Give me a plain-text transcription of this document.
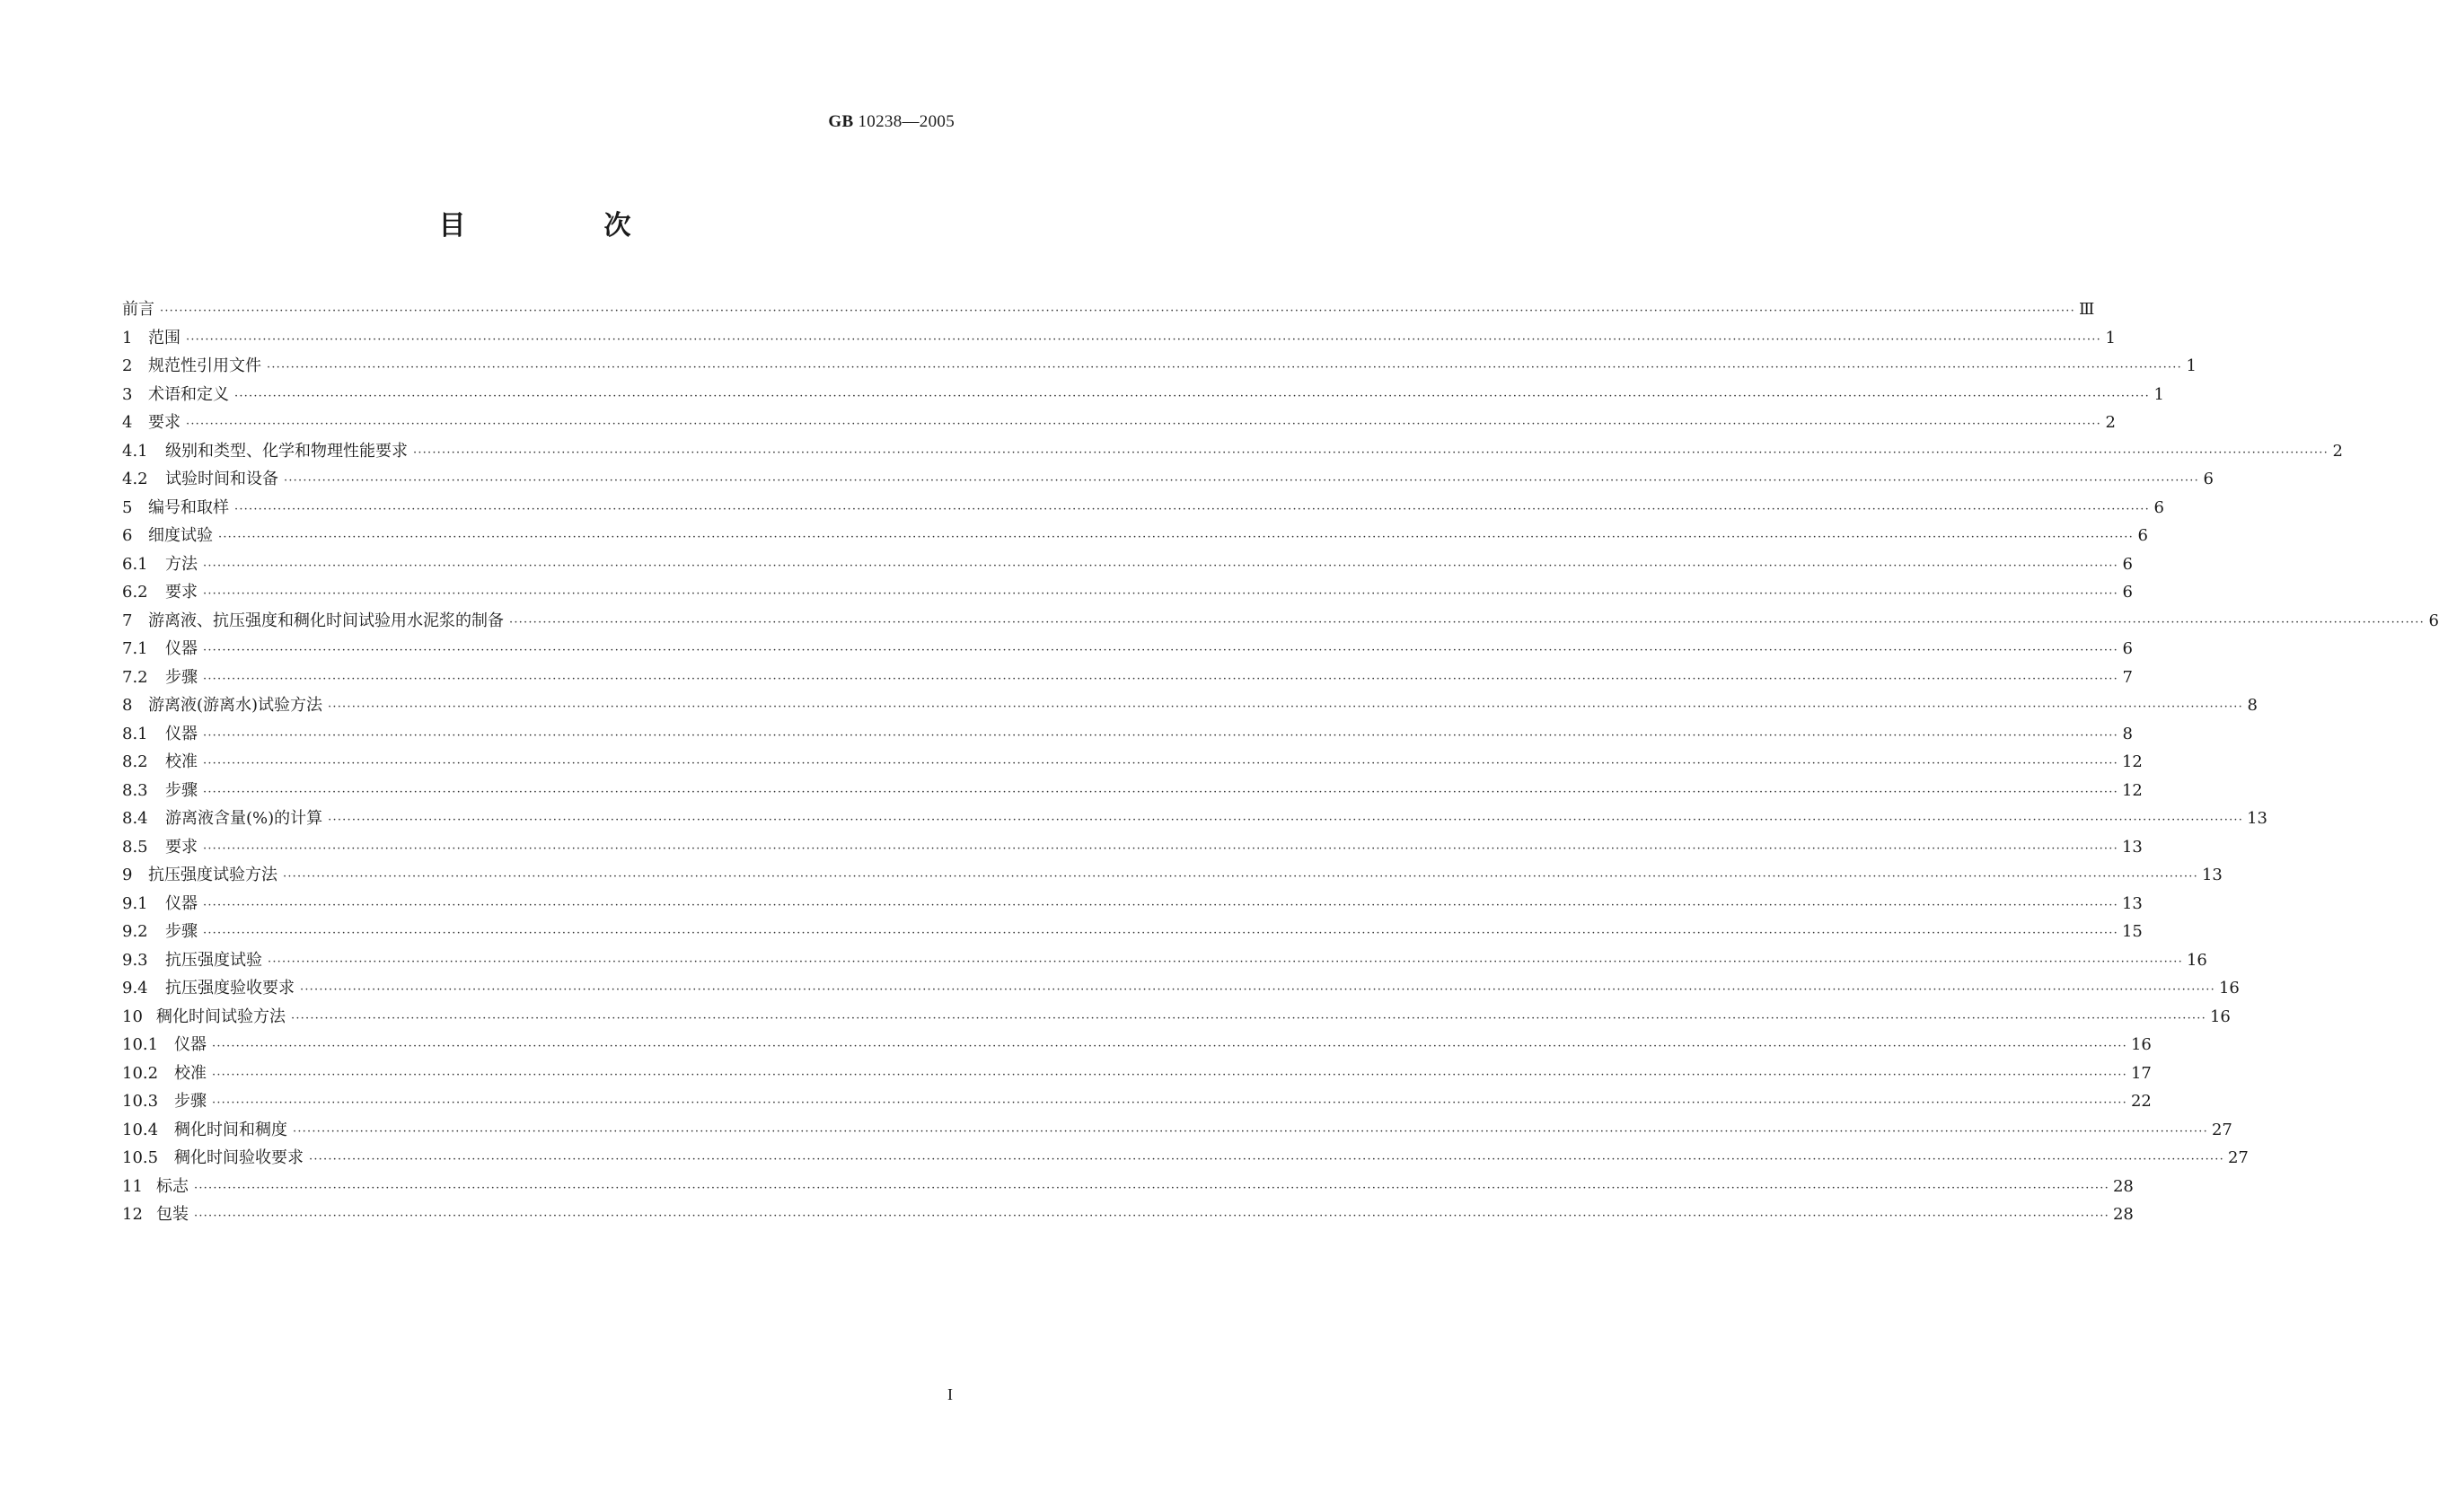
GB 10238—2005
目　次
前言 ················································································································································································································································································································································································································ Ⅲ
1 范围 ················································································································································································································································································································································································································ 1
2 规范性引用文件 ················································································································································································································································································································································································································ 1
3 术语和定义 ················································································································································································································································································································································································································ 1
4 要求 ················································································································································································································································································································································································································ 2
4.1	级别和类型、化学和物理性能要求 ················································································································································································································································································································································································································ 2
4.2	试验时间和设备 ················································································································································································································································································································································································································ 6
5 编号和取样 ················································································································································································································································································································································································································ 6
6 细度试验 ················································································································································································································································································································································································································ 6
6.1	方法 ················································································································································································································································································································································································································ 6
6.2	要求 ················································································································································································································································································································································································································ 6
7 游离液、抗压强度和稠化时间试验用水泥浆的制备 ················································································································································································································································································································································································································ 6
7.1	仪器 ················································································································································································································································································································································································································ 6
7.2	步骤 ················································································································································································································································································································································································································ 7
8 游离液(游离水)试验方法 ················································································································································································································································································································································································································ 8
8.1	仪器 ················································································································································································································································································································································································································ 8
8.2	校准 ················································································································································································································································································································································································································ 12
8.3	步骤 ················································································································································································································································································································································································································ 12
8.4	游离液含量(%)的计算 ················································································································································································································································································································································································································ 13
8.5	要求 ················································································································································································································································································································································································································ 13
9 抗压强度试验方法 ················································································································································································································································································································································································································ 13
9.1	仪器 ················································································································································································································································································································································································································ 13
9.2	步骤 ················································································································································································································································································································································································································ 15
9.3	抗压强度试验 ················································································································································································································································································································································································································ 16
9.4	抗压强度验收要求 ················································································································································································································································································································································································································ 16
10 稠化时间试验方法 ················································································································································································································································································································································································································ 16
10.1 仪器 ················································································································································································································································································································································································································ 16
10.2 校准 ················································································································································································································································································································································································································ 17
10.3 步骤 ················································································································································································································································································································································································································ 22
10.4 稠化时间和稠度 ················································································································································································································································································································································································································ 27
10.5 稠化时间验收要求 ················································································································································································································································································································································································································ 27
11 标志 ················································································································································································································································································································································································································ 28
12 包装 ················································································································································································································································································································································································································ 28
I
